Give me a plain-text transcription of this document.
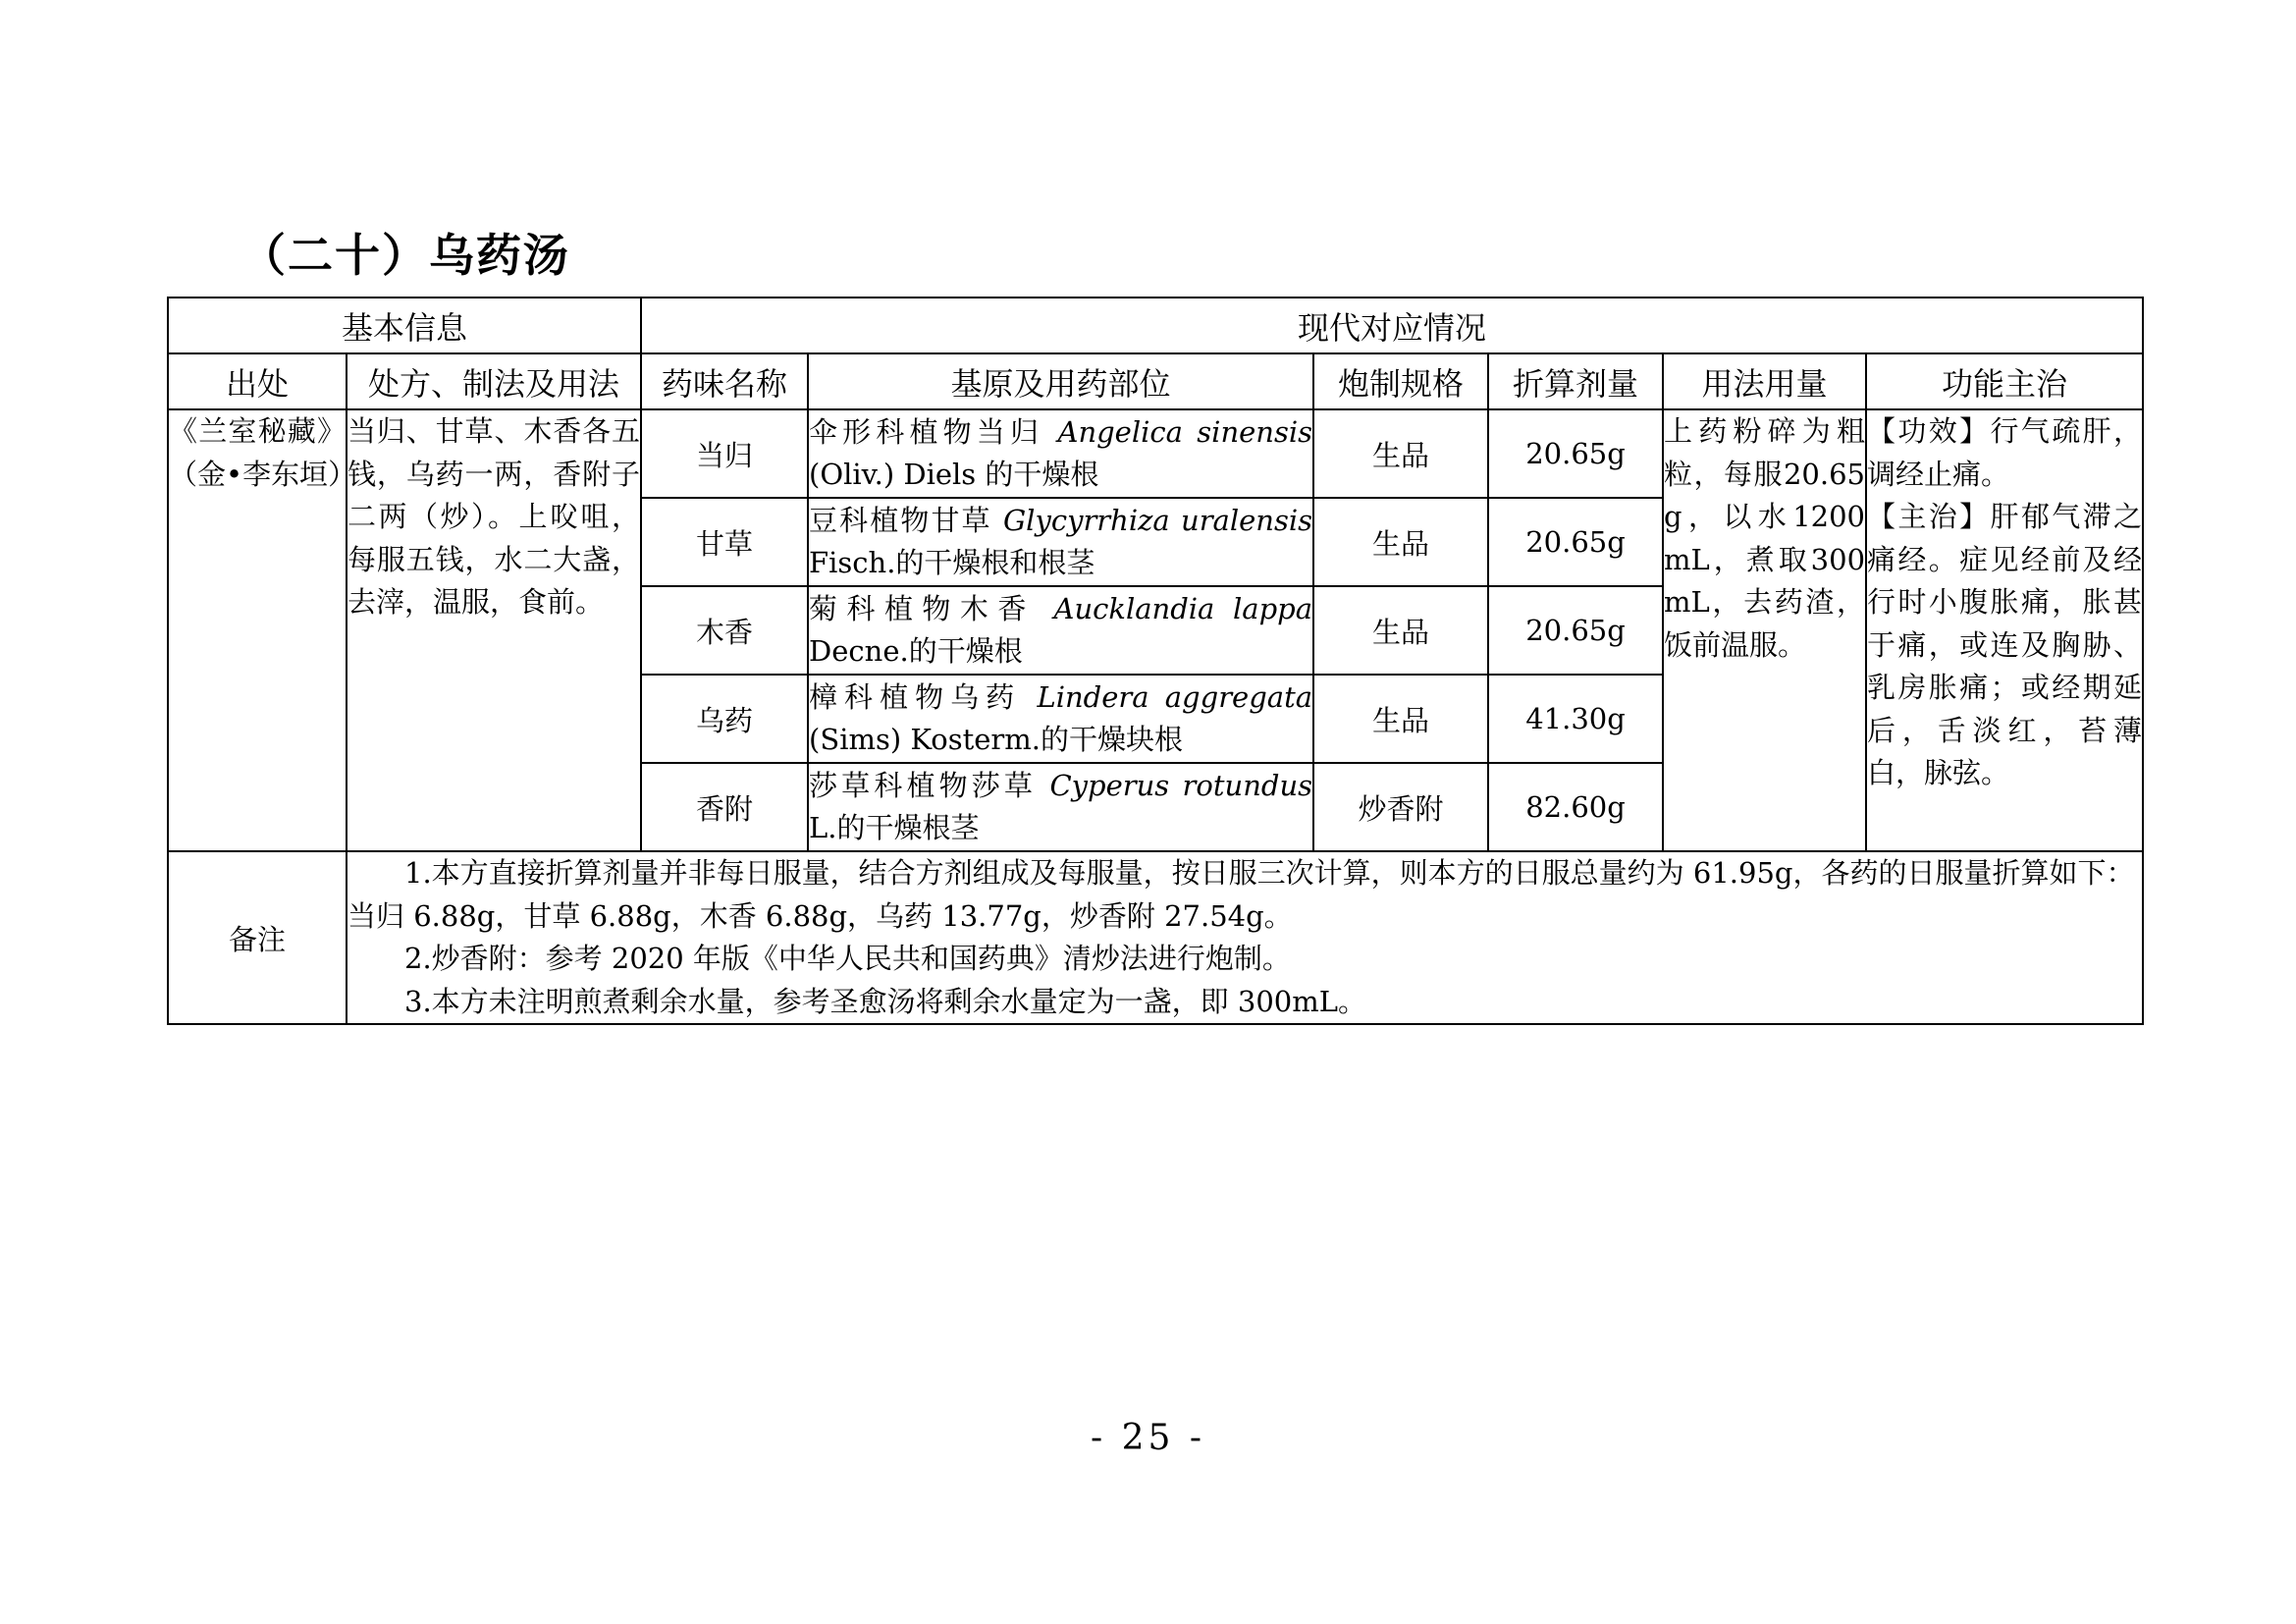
（二十）乌药汤
基本信息		现代对应情况					
出处	处方、制法及用法	药味名称	基原及用药部位	炮制规格	折算剂量	用法用量	功能主治
《兰室秘藏》（金•李东垣）	当归、甘草、木香各五钱，乌药一两，香附子二两（炒）。上㕮咀，每服五钱，水二大盏，去滓，温服，食前。	当归	伞形科植物当归 Angelica sinensis (Oliv.) Diels 的干燥根	生品	20.65g	上药粉碎为粗粒，每服20.65g，以水1200mL，煮取300mL，去药渣，饭前温服。	【功效】行气疏肝，调经止痛。
【主治】肝郁气滞之痛经。症见经前及经行时小腹胀痛，胀甚于痛，或连及胸胁、乳房胀痛；或经期延后，舌淡红，苔薄白，脉弦。
		甘草	豆科植物甘草 Glycyrrhiza uralensis Fisch.的干燥根和根茎	生品	20.65g		
		木香	菊科植物木香 Aucklandia lappa Decne.的干燥根	生品	20.65g		
		乌药	樟科植物乌药 Lindera aggregata (Sims) Kosterm.的干燥块根	生品	41.30g		
		香附	莎草科植物莎草 Cyperus rotundus L.的干燥根茎	炒香附	82.60g		
备注	1.本方直接折算剂量并非每日服量，结合方剂组成及每服量，按日服三次计算，则本方的日服总量约为 61.95g，各药的日服量折算如下：
当归 6.88g，甘草 6.88g，木香 6.88g，乌药 13.77g，炒香附 27.54g。
2.炒香附：参考 2020 年版《中华人民共和国药典》清炒法进行炮制。
3.本方未注明煎煮剩余水量，参考圣愈汤将剩余水量定为一盏，即 300mL。						
- 25 -
